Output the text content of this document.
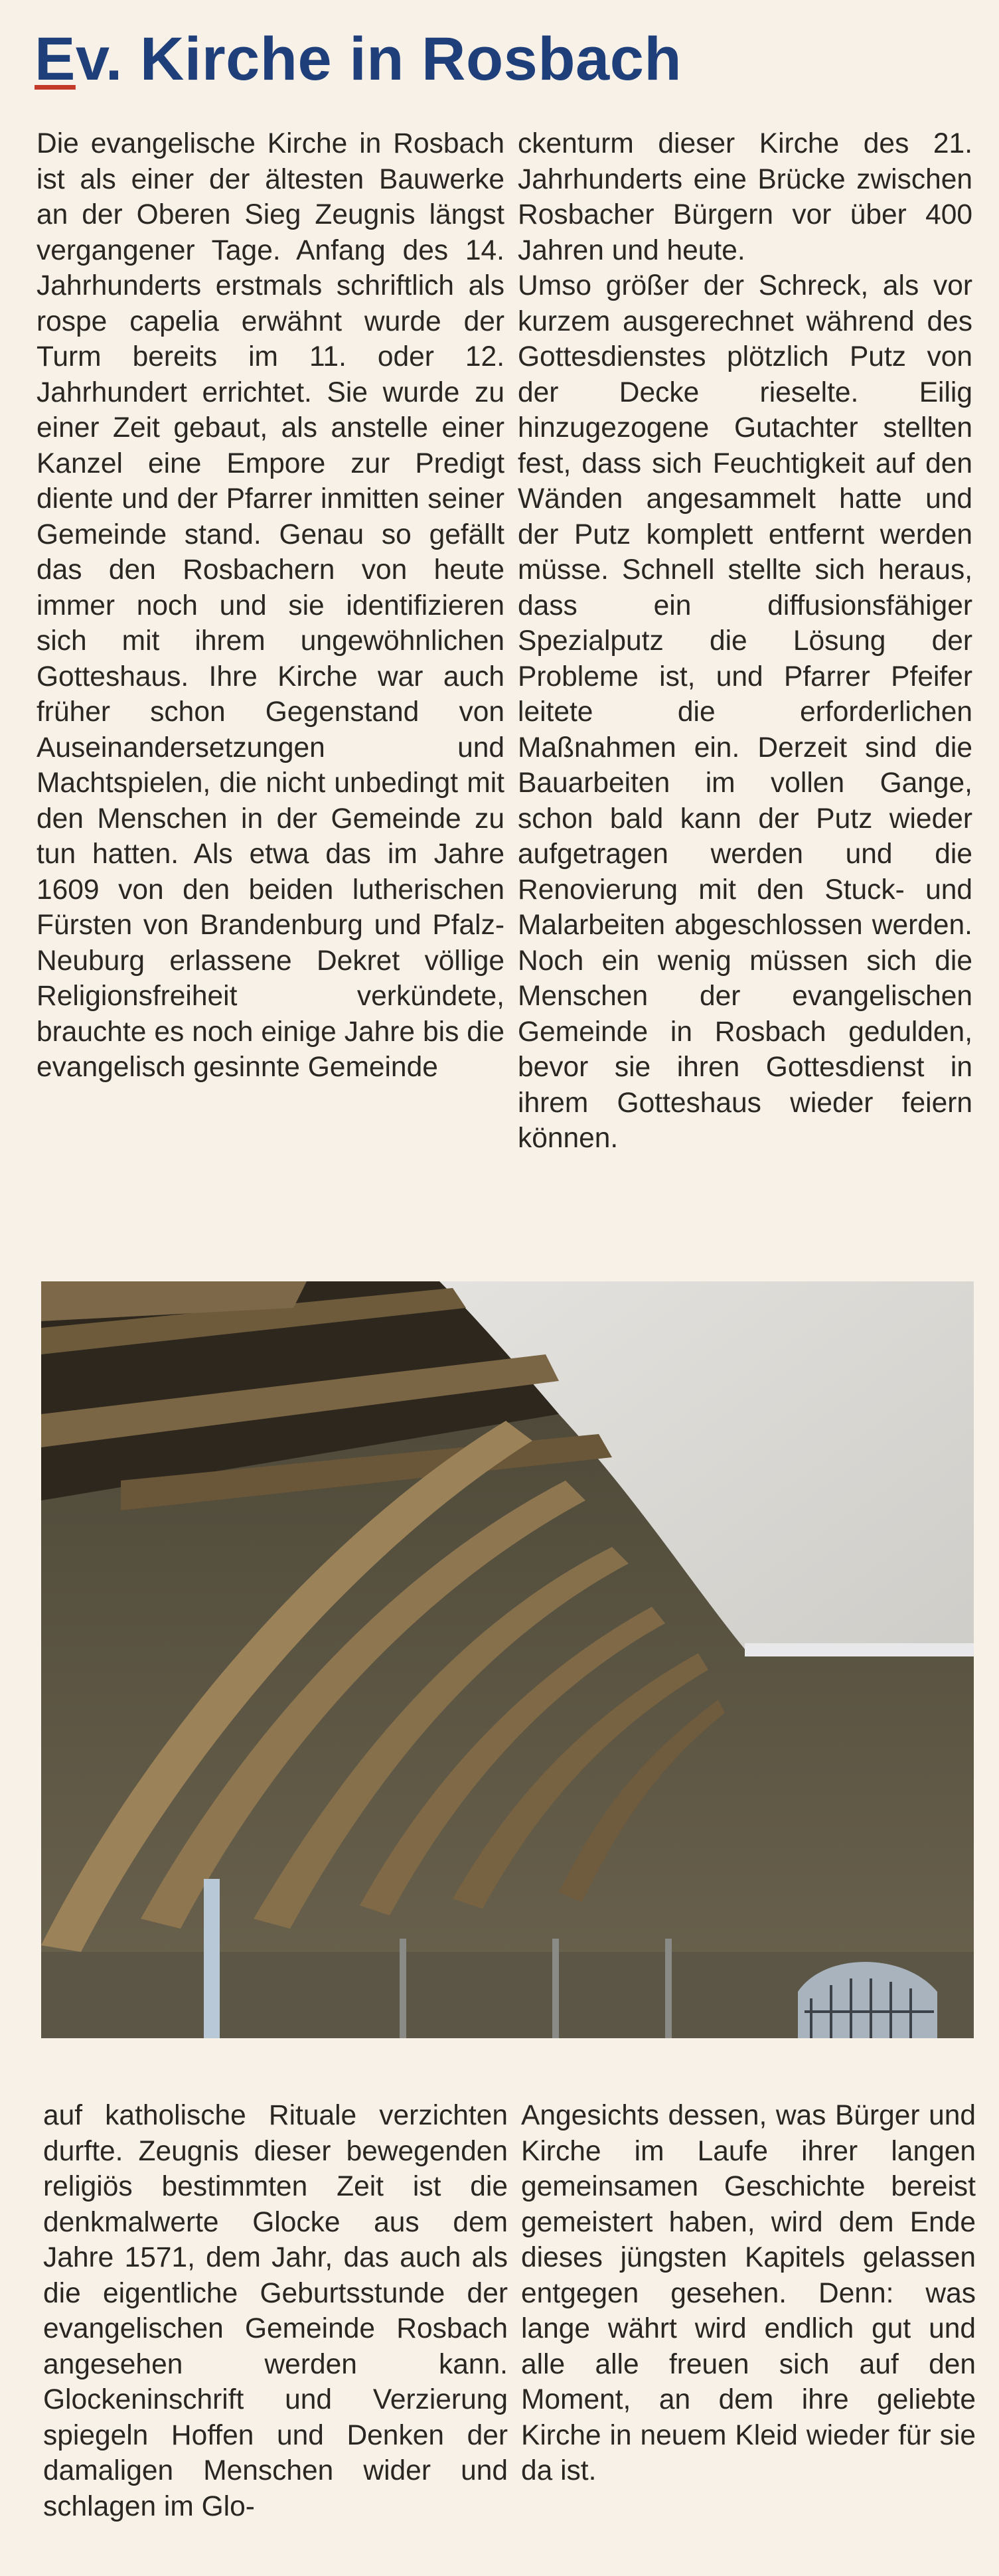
Ev. Kirche in Rosbach

Die evangelische Kirche in Rosbach ist als einer der ältesten Bauwerke an der Oberen Sieg Zeugnis längst vergangener Tage. Anfang des 14. Jahrhunderts erstmals schriftlich als rospe capelia erwähnt wurde der Turm bereits im 11. oder 12. Jahrhundert errichtet. Sie wurde zu einer Zeit gebaut, als anstelle einer Kanzel eine Empore zur Predigt diente und der Pfarrer inmitten seiner Gemeinde stand. Genau so gefällt das den Rosbachern von heute immer noch und sie identifizieren sich mit ihrem ungewöhnlichen Gotteshaus. Ihre Kirche war auch früher schon Gegenstand von Auseinandersetzungen und Machtspielen, die nicht unbedingt mit den Menschen in der Gemeinde zu tun hatten. Als etwa das im Jahre 1609 von den beiden lutherischen Fürsten von Brandenburg und Pfalz-Neuburg erlassene Dekret völlige Religionsfreiheit verkündete, brauchte es noch einige Jahre bis die evangelisch gesinnte Gemeinde

ckenturm dieser Kirche des 21. Jahrhunderts eine Brücke zwischen Rosbacher Bürgern vor über 400 Jahren und heute.

Umso größer der Schreck, als vor kurzem ausgerechnet während des Gottesdienstes plötzlich Putz von der Decke rieselte. Eilig hinzugezogene Gutachter stellten fest, dass sich Feuchtigkeit auf den Wänden angesammelt hatte und der Putz komplett entfernt werden müsse. Schnell stellte sich heraus, dass ein diffusionsfähiger Spezialputz die Lösung der Probleme ist, und Pfarrer Pfeifer leitete die erforderlichen Maßnahmen ein. Derzeit sind die Bauarbeiten im vollen Gange, schon bald kann der Putz wieder aufgetragen werden und die Renovierung mit den Stuck- und Malarbeiten abgeschlossen werden. Noch ein wenig müssen sich die Menschen der evangelischen Gemeinde in Rosbach gedulden, bevor sie ihren Gottesdienst in ihrem Gotteshaus wieder feiern können.

auf katholische Rituale verzichten durfte. Zeugnis dieser bewegenden religiös bestimmten Zeit ist die denkmalwerte Glocke aus dem Jahre 1571, dem Jahr, das auch als die eigentliche Geburtsstunde der evangelischen Gemeinde Rosbach angesehen werden kann. Glockeninschrift und Verzierung spiegeln Hoffen und Denken der damaligen Menschen wider und schlagen im Glo-

Angesichts dessen, was Bürger und Kirche im Laufe ihrer langen gemeinsamen Geschichte bereist gemeistert haben, wird dem Ende dieses jüngsten Kapitels gelassen entgegen gesehen. Denn: was lange währt wird endlich gut und alle alle freuen sich auf den Moment, an dem ihre geliebte Kirche in neuem Kleid wieder für sie da ist.
